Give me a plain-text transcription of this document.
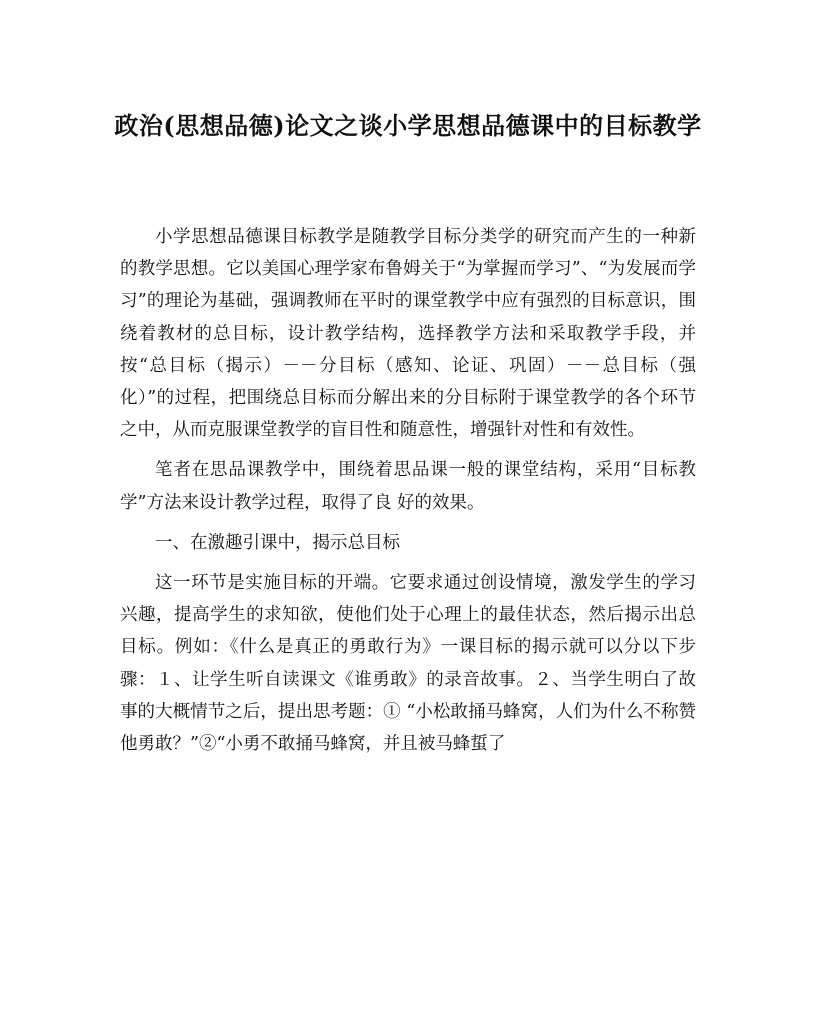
政治(思想品德)论文之谈小学思想品德课中的目标教学

小学思想品德课目标教学是随教学目标分类学的研究而产生的一种新的教学思想。它以美国心理学家布鲁姆关于“为掌握而学习”、“为发展而学习”的理论为基础，强调教师在平时的课堂教学中应有强烈的目标意识，围绕着教材的总目标，设计教学结构，选择教学方法和采取教学手段，并按“总目标（揭示）－－分目标（感知、论证、巩固）－－总目标（强化）”的过程，把围绕总目标而分解出来的分目标附于课堂教学的各个环节之中，从而克服课堂教学的盲目性和随意性，增强针对性和有效性。

笔者在思品课教学中，围绕着思品课一般的课堂结构，采用“目标教学”方法来设计教学过程，取得了良 好的效果。

一、在激趣引课中，揭示总目标

这一环节是实施目标的开端。它要求通过创设情境，激发学生的学习兴趣，提高学生的求知欲，使他们处于心理上的最佳状态，然后揭示出总目标。例如：《什么是真正的勇敢行为》一课目标的揭示就可以分以下步骤：１、让学生听自读课文《谁勇敢》的录音故事。２、当学生明白了故事的大概情节之后，提出思考题：① “小松敢捅马蜂窝，人们为什么不称赞他勇敢？”②“小勇不敢捅马蜂窝，并且被马蜂蜇了
